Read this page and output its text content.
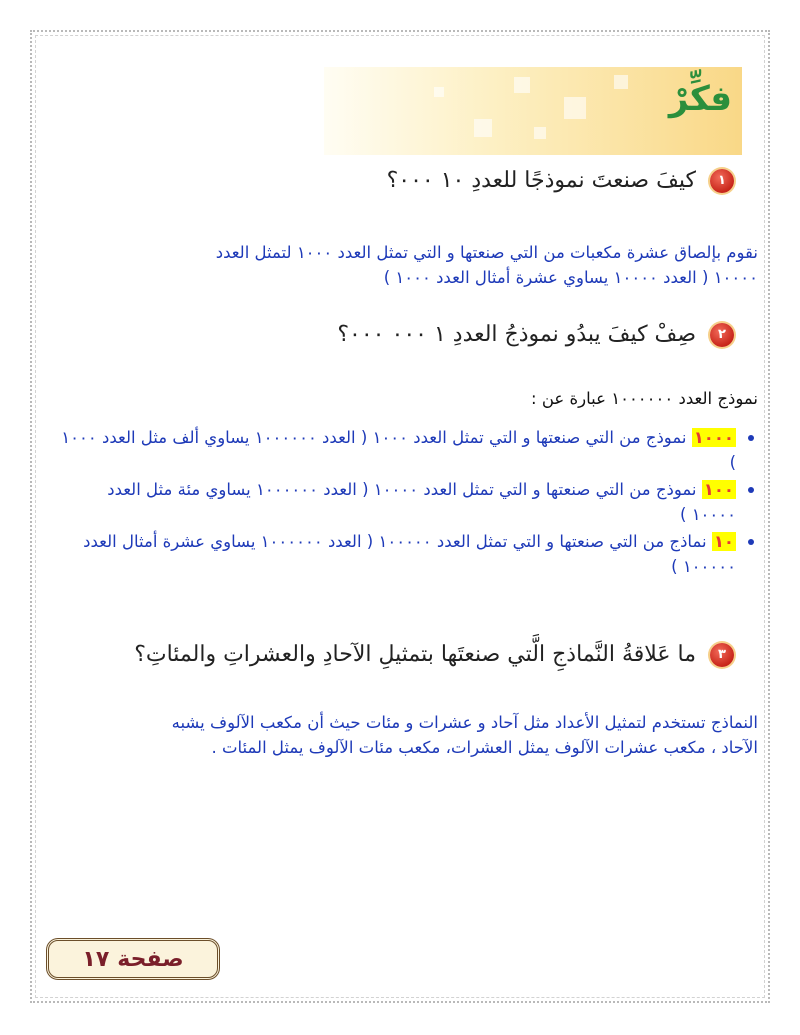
فكِّرْ
١
كيفَ صنعتَ نموذجًا للعددِ ١٠ ٠٠٠؟
نقوم بإلصاق عشرة مكعبات من التي صنعتها و التي تمثل العدد ١٠٠٠ لتمثل العدد
١٠٠٠٠ ( العدد ١٠٠٠٠ يساوي عشرة أمثال العدد ١٠٠٠ )
٢
صِفْ كيفَ يبدُو نموذجُ العددِ ١ ٠٠٠ ٠٠٠؟
نموذج العدد ١٠٠٠٠٠٠ عبارة عن :
١٠٠٠ نموذج من التي صنعتها و التي تمثل العدد ١٠٠٠ ( العدد ١٠٠٠٠٠٠ يساوي ألف مثل العدد ١٠٠٠ )
١٠٠ نموذج من التي صنعتها و التي تمثل العدد ١٠٠٠٠ ( العدد ١٠٠٠٠٠٠ يساوي مئة مثل العدد ١٠٠٠٠ )
١٠ نماذج من التي صنعتها و التي تمثل العدد ١٠٠٠٠٠ ( العدد ١٠٠٠٠٠٠ يساوي عشرة أمثال العدد ١٠٠٠٠٠ )
٣
ما عَلاقةُ النَّماذجِ الَّتي صنعتَها بتمثيلِ الآحادِ والعشراتِ والمئاتِ؟
النماذج تستخدم لتمثيل الأعداد مثل آحاد و عشرات و مئات حيث أن مكعب الآلوف يشبه
الآحاد ، مكعب عشرات الآلوف يمثل العشرات، مكعب مئات الآلوف يمثل المئات .
صفحة
١٧
